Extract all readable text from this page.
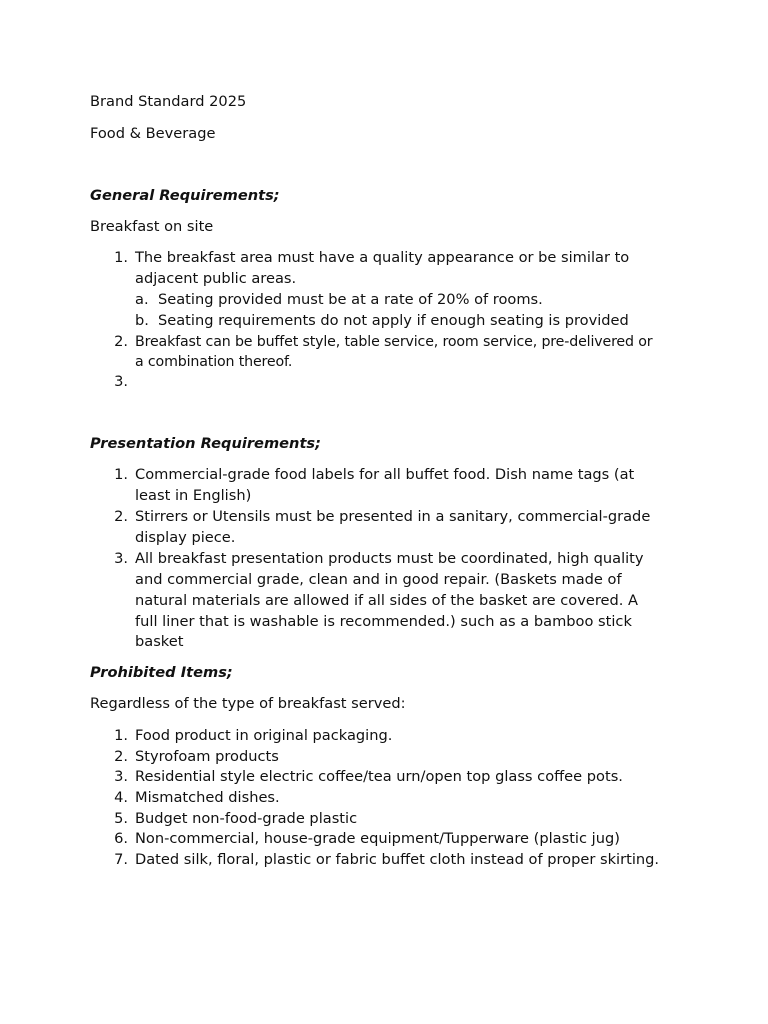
Brand Standard 2025

Food & Beverage

General Requirements;

Breakfast on site

1. The breakfast area must have a quality appearance or be similar to

adjacent public areas.

a. Seating provided must be at a rate of 20% of rooms.

b. Seating requirements do not apply if enough seating is provided

2. Breakfast can be buffet style, table service, room service, pre-delivered or

a combination thereof.

3.

Presentation Requirements;

1. Commercial-grade food labels for all buffet food. Dish name tags (at

least in English)

2. Stirrers or Utensils must be presented in a sanitary, commercial-grade

display piece.

3. All breakfast presentation products must be coordinated, high quality

and commercial grade, clean and in good repair. (Baskets made of

natural materials are allowed if all sides of the basket are covered. A

full liner that is washable is recommended.) such as a bamboo stick

basket

Prohibited Items;

Regardless of the type of breakfast served:

1. Food product in original packaging.

2. Styrofoam products

3. Residential style electric coffee/tea urn/open top glass coffee pots.

4. Mismatched dishes.

5. Budget non-food-grade plastic

6. Non-commercial, house-grade equipment/Tupperware (plastic jug)

7. Dated silk, floral, plastic or fabric buffet cloth instead of proper skirting.
